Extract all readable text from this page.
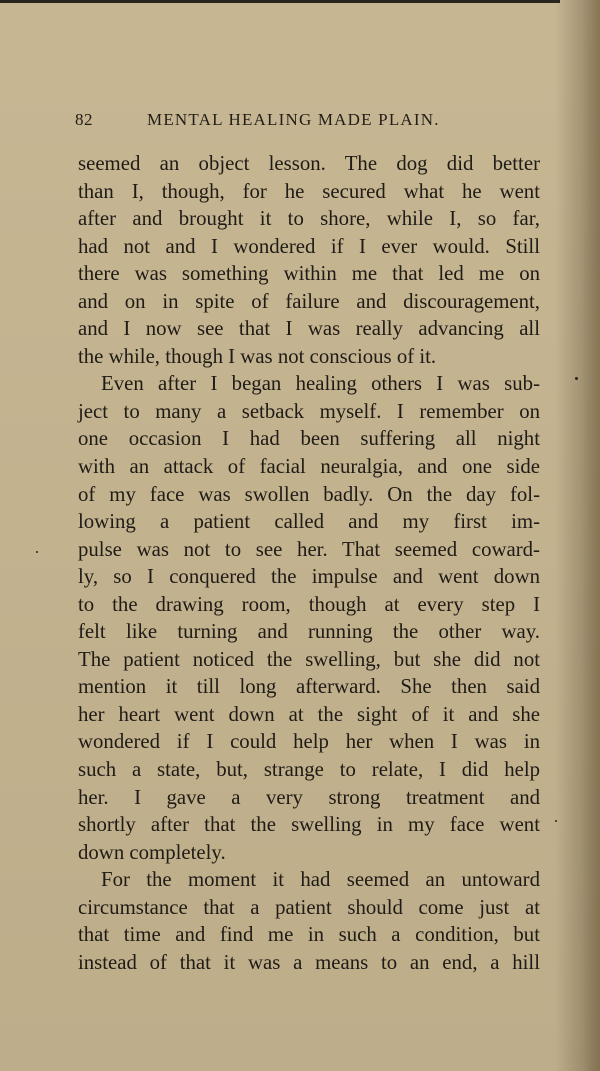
82	MENTAL HEALING MADE PLAIN.
seemed an object lesson. The dog did better
than I, though, for he secured what he went
after and brought it to shore, while I, so far,
had not and I wondered if I ever would. Still
there was something within me that led me on
and on in spite of failure and discouragement,
and I now see that I was really advancing all
the while, though I was not conscious of it.
Even after I began healing others I was sub-
ject to many a setback myself. I remember on
one occasion I had been suffering all night
with an attack of facial neuralgia, and one side
of my face was swollen badly. On the day fol-
lowing a patient called and my first im-
pulse was not to see her. That seemed coward-
ly, so I conquered the impulse and went down
to the drawing room, though at every step I
felt like turning and running the other way.
The patient noticed the swelling, but she did not
mention it till long afterward. She then said
her heart went down at the sight of it and she
wondered if I could help her when I was in
such a state, but, strange to relate, I did help
her. I gave a very strong treatment and
shortly after that the swelling in my face went
down completely.
For the moment it had seemed an untoward
circumstance that a patient should come just at
that time and find me in such a condition, but
instead of that it was a means to an end, a hill
